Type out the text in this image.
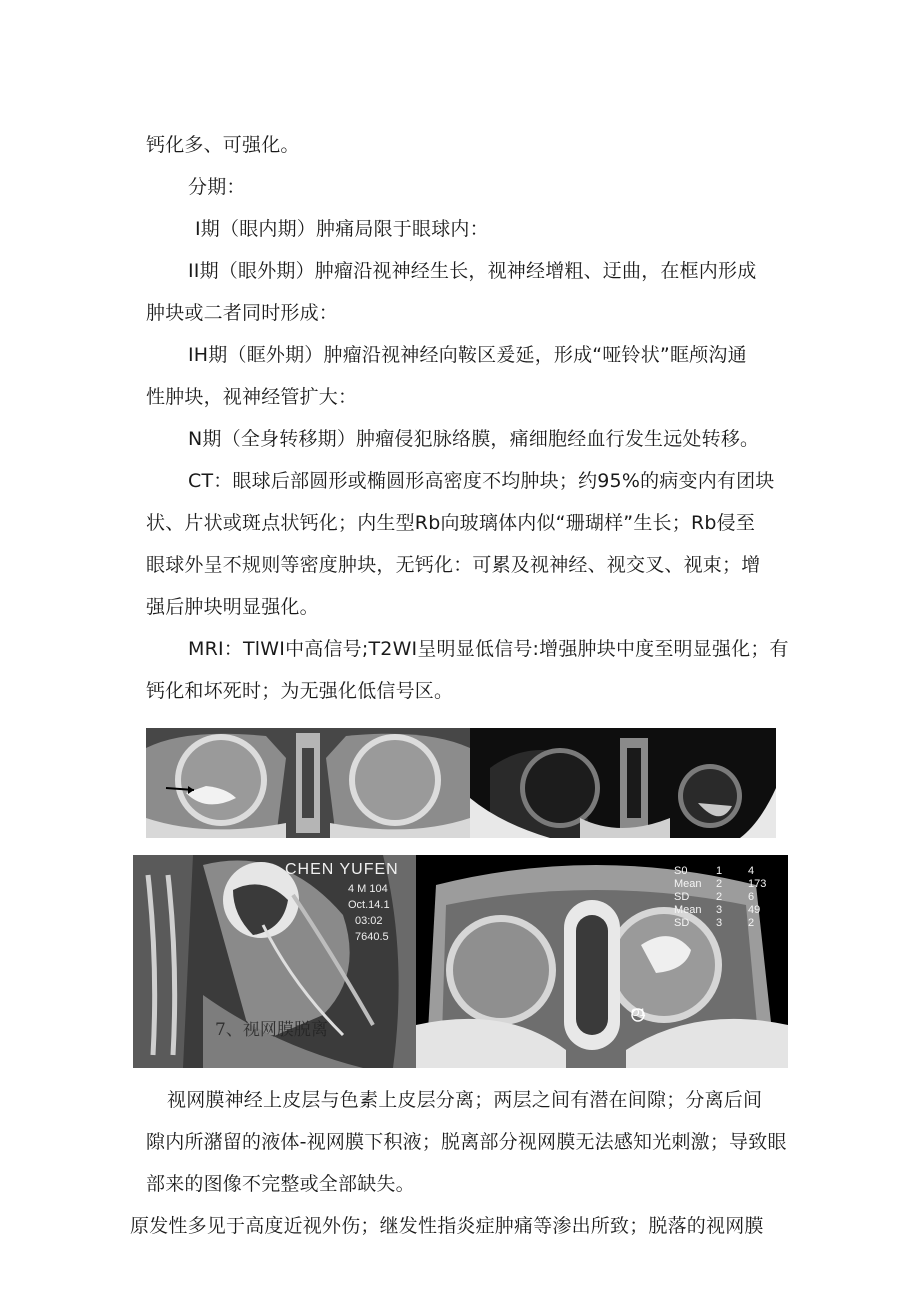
钙化多、可强化。
分期：
I期（眼内期）肿痛局限于眼球内：
II期（眼外期）肿瘤沿视神经生长，视神经增粗、迂曲，在框内形成
肿块或二者同时形成：
IH期（眶外期）肿瘤沿视神经向鞍区爰延，形成“哑铃状”眶颅沟通
性肿块，视神经管扩大：
N期（全身转移期）肿瘤侵犯脉络膜，痛细胞经血行发生远处转移。
CT：眼球后部圆形或椭圆形高密度不均肿块；约95%的病变内有团块
状、片状或斑点状钙化；内生型Rb向玻璃体内似“珊瑚样”生长；Rb侵至
眼球外呈不规则等密度肿块，无钙化：可累及视神经、视交叉、视束；增
强后肿块明显强化。
MRI：TlWI中高信号;T2WI呈明显低信号:增强肿块中度至明显强化；有
钙化和坏死时；为无强化低信号区。
CHEN YUFEN
4 M 104
Oct.14.1
03:02
7640.5
7、视网膜脱离
S0	1 4
Mean 2 173
SD 2 6
Mean 3 49
SD 3 2
O1
视网膜神经上皮层与色素上皮层分离；两层之间有潜在间隙；分离后间
隙内所潴留的液体-视网膜下积液；脱离部分视网膜无法感知光刺激；导致眼
部来的图像不完整或全部缺失。
原发性多见于高度近视外伤；继发性指炎症肿痛等渗出所致；脱落的视网膜
